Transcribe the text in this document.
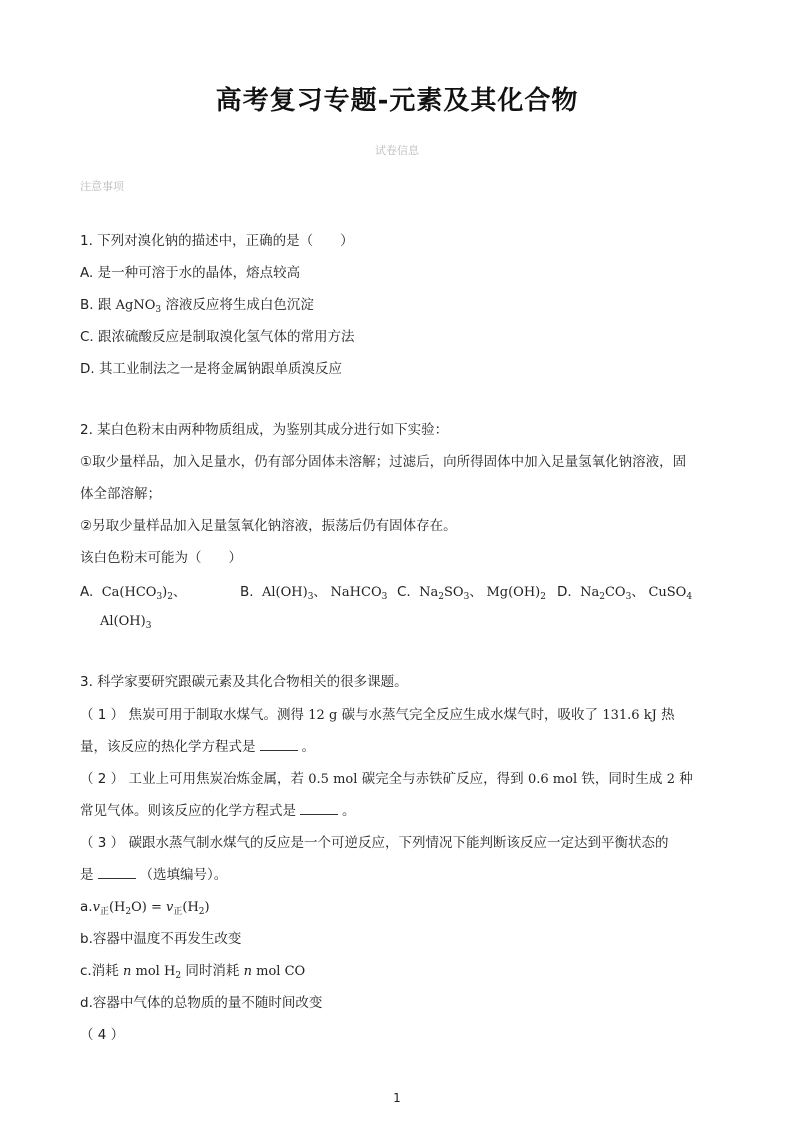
高考复习专题-元素及其化合物
试卷信息
注意事项
1. 下列对溴化钠的描述中，正确的是（　　）
A. 是一种可溶于水的晶体，熔点较高
B. 跟 AgNO$_3$ 溶液反应将生成白色沉淀
C. 跟浓硫酸反应是制取溴化氢气体的常用方法
D. 其工业制法之一是将金属钠跟单质溴反应
2. 某白色粉末由两种物质组成，为鉴别其成分进行如下实验：
①取少量样品，加入足量水，仍有部分固体未溶解；过滤后，向所得固体中加入足量氢氧化钠溶液，固
体全部溶解；
②另取少量样品加入足量氢氧化钠溶液，振荡后仍有固体存在。
该白色粉末可能为（　　）
A.  $Ca(HCO_3)_2$、
$Al(OH)_3$
B.  $Al(OH)_3$、 NaHCO$_3$ C.  $Na_2SO_3$、 $Mg(OH)_2$ D.  $Na_2CO_3$、 CuSO$_4$
3. 科学家要研究跟碳元素及其化合物相关的很多课题。
（ 1 ） 焦炭可用于制取水煤气。测得 12 g 碳与水蒸气完全反应生成水煤气时，吸收了 131.6 kJ 热
量，该反应的热化学方程式是	。
（ 2 ） 工业上可用焦炭冶炼金属，若 0.5 mol 碳完全与赤铁矿反应，得到 0.6 mol 铁，同时生成 2 种
常见气体。则该反应的化学方程式是	。
（ 3 ） 碳跟水蒸气制水煤气的反应是一个可逆反应，下列情况下能判断该反应一定达到平衡状态的
是	（选填编号）。
$a.v_正(H_2O) = v_正(H_2)$
b.容器中温度不再发生改变
c.消耗 n mol $H_2$ 同时消耗 n mol CO
d.容器中气体的总物质的量不随时间改变
（ 4 ）
1
